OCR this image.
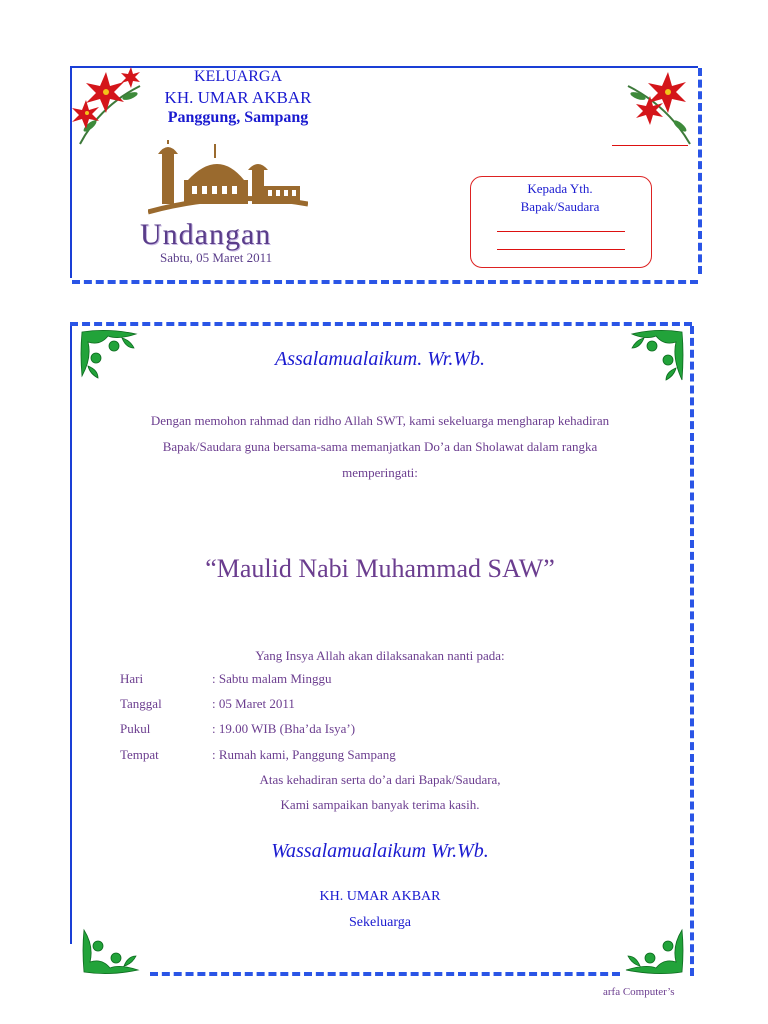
KELUARGA
KH. UMAR AKBAR
Panggung, Sampang
Undangan
Sabtu, 05 Maret 2011
Kepada Yth.
Bapak/Saudara
Assalamualaikum. Wr.Wb.
Dengan memohon rahmad dan ridho Allah SWT, kami sekeluarga mengharap kehadiran
Bapak/Saudara guna bersama-sama memanjatkan Do’a dan Sholawat dalam rangka
memperingati:
“Maulid Nabi Muhammad SAW”
Yang Insya Allah akan dilaksanakan nanti pada:
Hari	: Sabtu malam Minggu
Tanggal	: 05 Maret 2011
Pukul	: 19.00 WIB (Bha’da Isya’)
Tempat	: Rumah kami, Panggung Sampang
Atas kehadiran serta do’a dari Bapak/Saudara,
Kami sampaikan banyak terima kasih.
Wassalamualaikum Wr.Wb.
KH. UMAR AKBAR
Sekeluarga
arfa Computer’s
